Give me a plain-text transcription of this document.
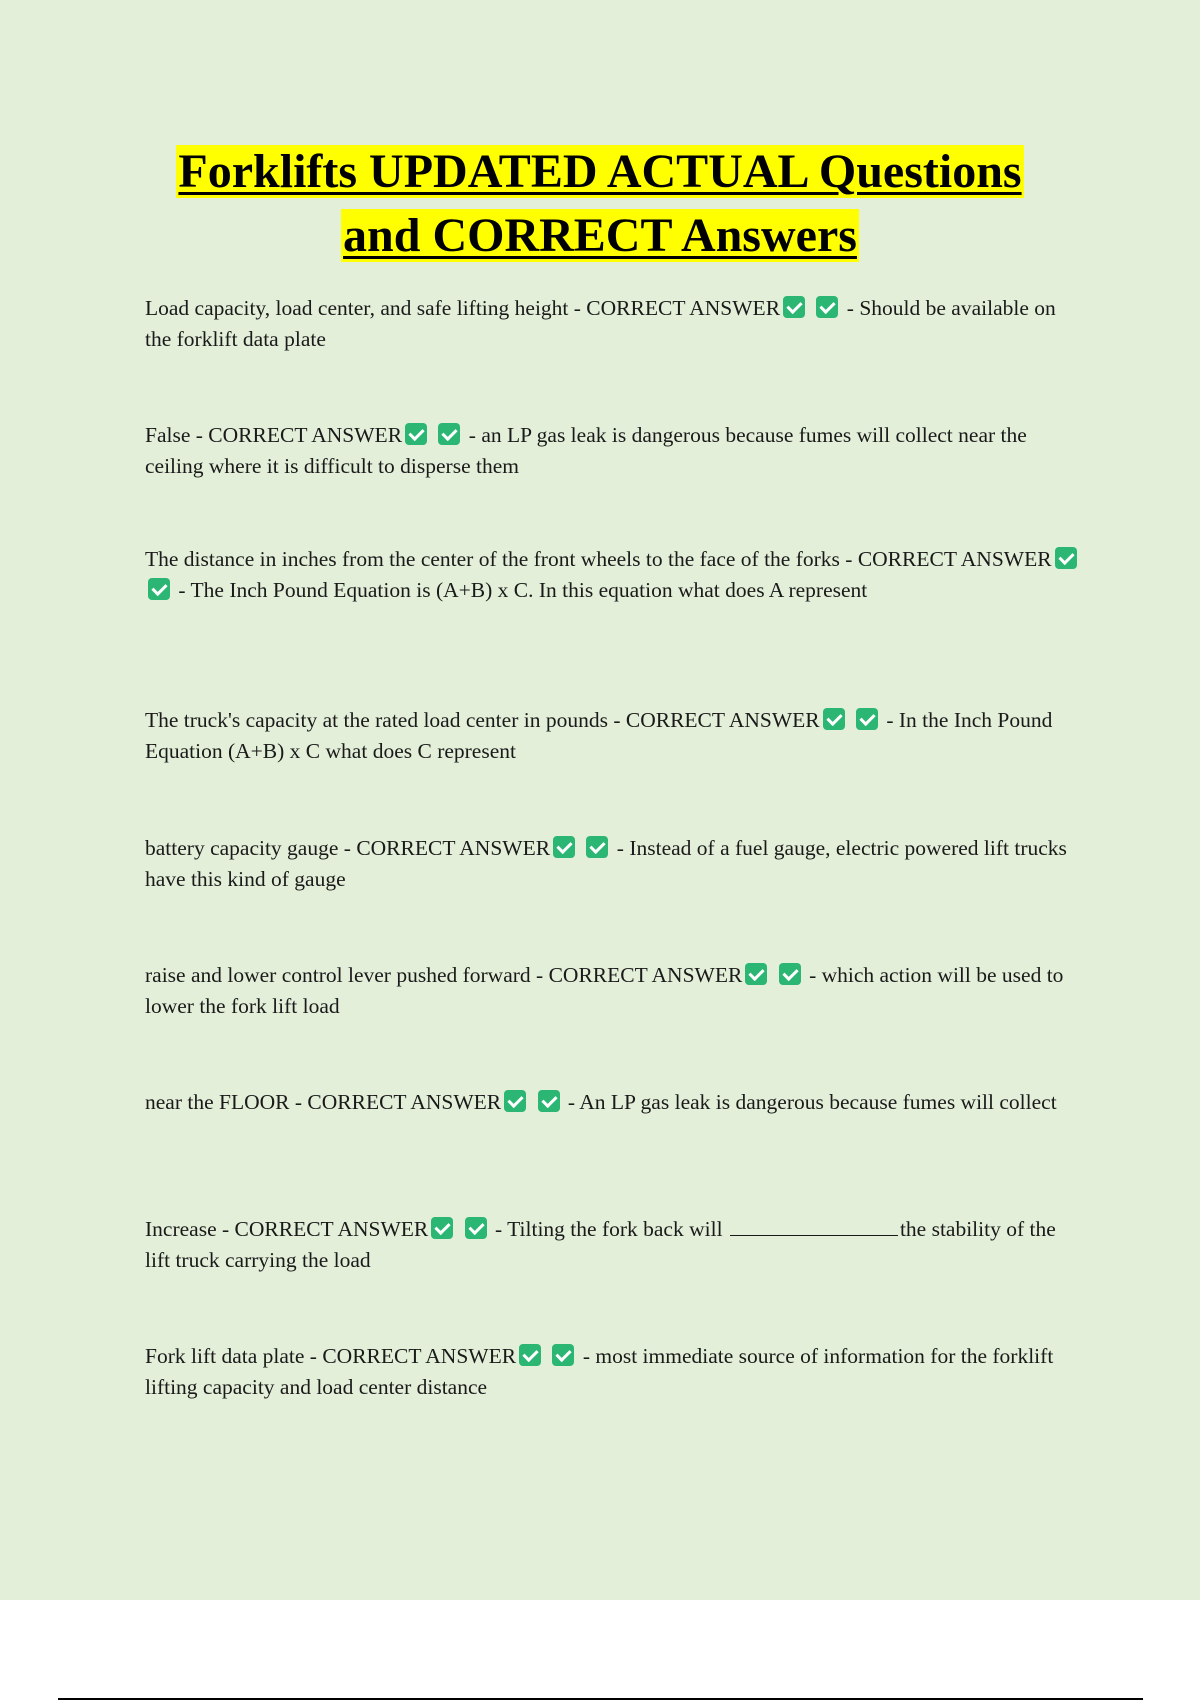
Forklifts UPDATED ACTUAL Questions
and CORRECT Answers
Load capacity, load center, and safe lifting height - CORRECT ANSWER	- Should be available on the forklift data plate
False - CORRECT ANSWER	- an LP gas leak is dangerous because fumes will collect near the ceiling where it is difficult to disperse them
The distance in inches from the center of the front wheels to the face of the forks - CORRECT ANSWER  - The Inch Pound Equation is (A+B) x C. In this equation what does A represent
The truck's capacity at the rated load center in pounds - CORRECT ANSWER	- In the Inch Pound Equation (A+B) x C what does C represent
battery capacity gauge - CORRECT ANSWER	- Instead of a fuel gauge, electric powered lift trucks have this kind of gauge
raise and lower control lever pushed forward - CORRECT ANSWER	- which action will be used to lower the fork lift load
near the FLOOR - CORRECT ANSWER	- An LP gas leak is dangerous because fumes will collect
Increase - CORRECT ANSWER	- Tilting the fork back will	the stability of the lift truck carrying the load
Fork lift data plate - CORRECT ANSWER	- most immediate source of information for the forklift lifting capacity and load center distance
